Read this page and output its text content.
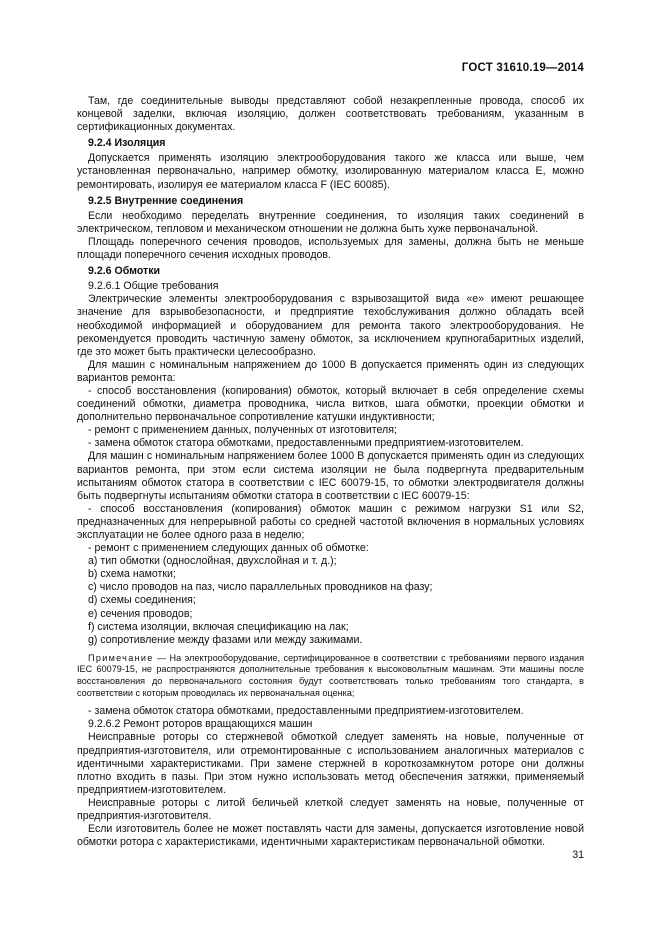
ГОСТ 31610.19—2014
Там, где соединительные выводы представляют собой незакрепленные провода, способ их концевой заделки, включая изоляцию, должен соответствовать требованиям, указанным в сертификационных документах.
9.2.4 Изоляция
Допускается применять изоляцию электрооборудования такого же класса или выше, чем установленная первоначально, например обмотку, изолированную материалом класса Е, можно ремонтировать, изолируя ее материалом класса F (IEC 60085).
9.2.5 Внутренние соединения
Если необходимо переделать внутренние соединения, то изоляция таких соединений в электрическом, тепловом и механическом отношении не должна быть хуже первоначальной.
Площадь поперечного сечения проводов, используемых для замены, должна быть не меньше площади поперечного сечения исходных проводов.
9.2.6 Обмотки
9.2.6.1 Общие требования
Электрические элементы электрооборудования с взрывозащитой вида «е» имеют решающее значение для взрывобезопасности, и предприятие техобслуживания должно обладать всей необходимой информацией и оборудованием для ремонта такого электрооборудования. Не рекомендуется проводить частичную замену обмоток, за исключением крупногабаритных изделий, где это может быть практически целесообразно.
Для машин с номинальным напряжением до 1000 В допускается применять один из следующих вариантов ремонта:
- способ восстановления (копирования) обмоток, который включает в себя определение схемы соединений обмотки, диаметра проводника, числа витков, шага обмотки, проекции обмотки и дополнительно первоначальное сопротивление катушки индуктивности;
- ремонт с применением данных, полученных от изготовителя;
- замена обмоток статора обмотками, предоставленными предприятием-изготовителем.
Для машин с номинальным напряжением более 1000 В допускается применять один из следующих вариантов ремонта, при этом если система изоляции не была подвергнута предварительным испытаниям обмоток статора в соответствии с IEC 60079-15, то обмотки электродвигателя должны быть подвергнуты испытаниям обмотки статора в соответствии с IEC 60079-15:
- способ восстановления (копирования) обмоток машин с режимом нагрузки S1 или S2, предназначенных для непрерывной работы со средней частотой включения в нормальных условиях эксплуатации не более одного раза в неделю;
- ремонт с применением следующих данных об обмотке:
a) тип обмотки (однослойная, двухслойная и т. д.);
b) схема намотки;
c) число проводов на паз, число параллельных проводников на фазу;
d) схемы соединения;
e) сечения проводов;
f) система изоляции, включая спецификацию на лак;
g) сопротивление между фазами или между зажимами.
Примечание — На электрооборудование, сертифицированное в соответствии с требованиями первого издания IEC 60079-15, не распространяются дополнительные требования к высоковольтным машинам. Эти машины после восстановления до первоначального состояния будут соответствовать только требованиям того стандарта, в соответствии с которым проводилась их первоначальная оценка;
- замена обмоток статора обмотками, предоставленными предприятием-изготовителем.
9.2.6.2 Ремонт роторов вращающихся машин
Неисправные роторы со стержневой обмоткой следует заменять на новые, полученные от предприятия-изготовителя, или отремонтированные с использованием аналогичных материалов с идентичными характеристиками. При замене стержней в короткозамкнутом роторе они должны плотно входить в пазы. При этом нужно использовать метод обеспечения затяжки, применяемый предприятием-изготовителем.
Неисправные роторы с литой беличьей клеткой следует заменять на новые, полученные от предприятия-изготовителя.
Если изготовитель более не может поставлять части для замены, допускается изготовление новой обмотки ротора с характеристиками, идентичными характеристикам первоначальной обмотки.
31
